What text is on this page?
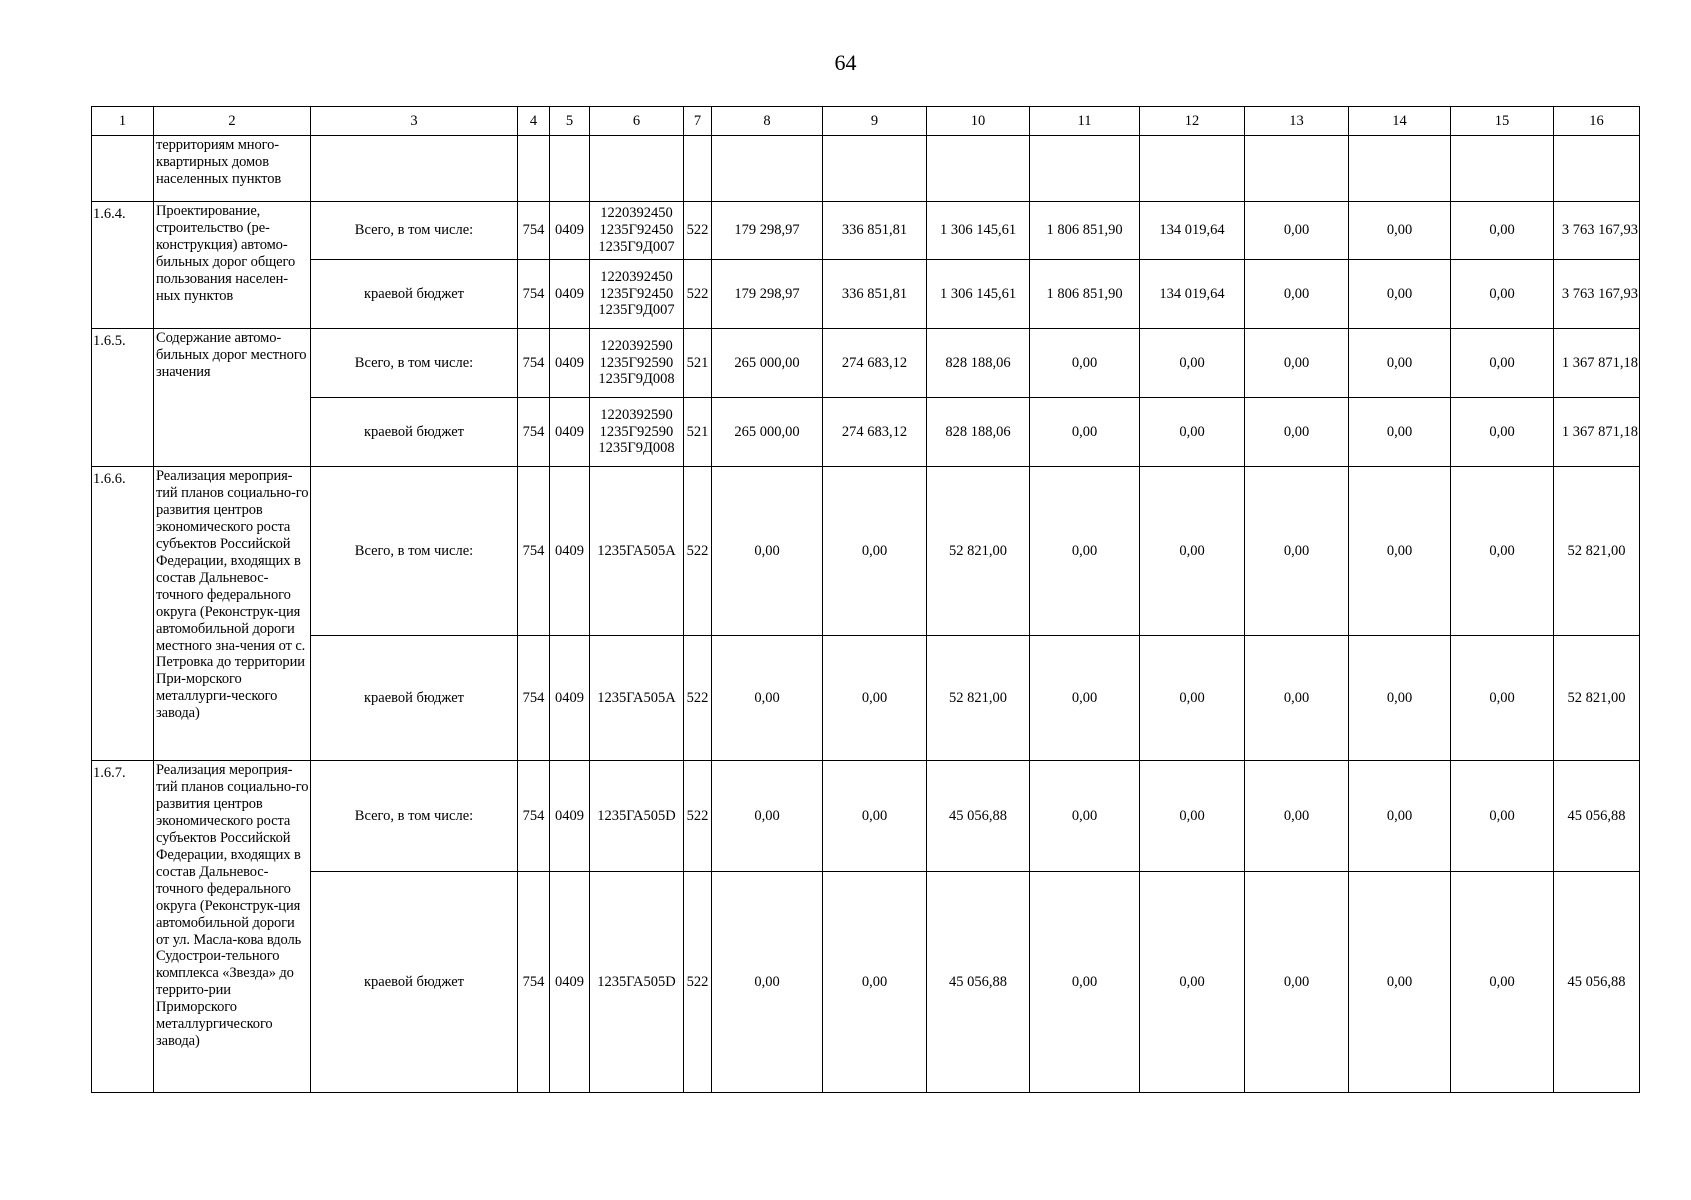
64
1	2	3	4	5	6	7	8	9	10	11	12	13	14	15	16
	территориям много-квартирных домов населенных пунктов														
1.6.4.	Проектирование, строительство (ре-конструкция) автомо-бильных дорог общего пользования населен-ных пунктов	Всего, в том числе:	754	0409	1220392450
1235Г92450
1235Г9Д007	522	179 298,97	336 851,81	1 306 145,61	1 806 851,90	134 019,64	0,00	0,00	0,00	3 763 167,93
		краевой бюджет	754	0409	1220392450
1235Г92450
1235Г9Д007	522	179 298,97	336 851,81	1 306 145,61	1 806 851,90	134 019,64	0,00	0,00	0,00	3 763 167,93
1.6.5.	Содержание автомо-бильных дорог местного значения	Всего, в том числе:	754	0409	1220392590
1235Г92590
1235Г9Д008	521	265 000,00	274 683,12	828 188,06	0,00	0,00	0,00	0,00	0,00	1 367 871,18
		краевой бюджет	754	0409	1220392590
1235Г92590
1235Г9Д008	521	265 000,00	274 683,12	828 188,06	0,00	0,00	0,00	0,00	0,00	1 367 871,18
1.6.6.	Реализация мероприя-тий планов социально-го развития центров экономического роста субъектов Российской Федерации, входящих в состав Дальневос-точного федерального округа (Реконструк-ция автомобильной дороги местного зна-чения от с. Петровка до территории При-морского металлурги-ческого завода)	Всего, в том числе:	754	0409	1235ГА505А	522	0,00	0,00	52 821,00	0,00	0,00	0,00	0,00	0,00	52 821,00
		краевой бюджет	754	0409	1235ГА505А	522	0,00	0,00	52 821,00	0,00	0,00	0,00	0,00	0,00	52 821,00
1.6.7.	Реализация мероприя-тий планов социально-го развития центров экономического роста субъектов Российской Федерации, входящих в состав Дальневос-точного федерального округа (Реконструк-ция автомобильной дороги от ул. Масла-кова вдоль Судострои-тельного комплекса «Звезда» до террито-рии Приморского металлургического завода)	Всего, в том числе:	754	0409	1235ГА505D	522	0,00	0,00	45 056,88	0,00	0,00	0,00	0,00	0,00	45 056,88
		краевой бюджет	754	0409	1235ГА505D	522	0,00	0,00	45 056,88	0,00	0,00	0,00	0,00	0,00	45 056,88
